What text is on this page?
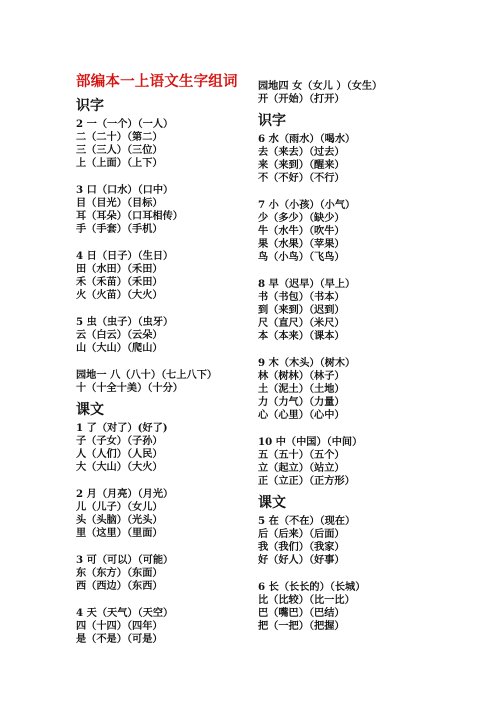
部编本一上语文生字组词
识字
2 一（一个）（一人）
二（二十）（第二）
三（三人）（三位）
上（上面）（上下）
3 口（口水）（口中）
目（目光）（目标）
耳（耳朵）（口耳相传）
手（手套）（手机）
4 日（日子）（生日）
田（水田）（禾田）
禾（禾苗）（禾田）
火（火苗）（大火）
5 虫（虫子）（虫牙）
云（白云）（云朵）
山（大山）（爬山）
园地一 八（八十）（七上八下）
十（十全十美）（十分）
课文
1 了（对了）(好了)
子（子女）（子孙）
人（人们）（人民）
大（大山）（大火）
2 月（月亮）（月光）
儿（儿子）（女儿）
头（头脑）（光头）
里（这里）（里面）
3 可（可以）（可能）
东（东方）（东面）
西（西边）（东西）
4 天（天气）（天空）
四（十四）（四年）
是（不是）（可是）
园地四 女（女儿 ）（女生）
开（开始）（打开）
识字
6 水（雨水）（喝水）
去（来去）（过去）
来（来到）（醒来）
不（不好）（不行）
7 小（小孩）（小气）
少（多少）（缺少）
牛（水牛）（吹牛）
果（水果）（苹果）
鸟（小鸟）（飞鸟）
8 早（迟早）（早上）
书（书包）（书本）
到（来到）（迟到）
尺（直尺）（米尺）
本（本来）（课本）
9 木（木头）（树木）
林（树林）（林子）
土（泥土）（土地）
力（力气）（力量）
心（心里）（心中）
10 中（中国）（中间）
五（五十）（五个）
立（起立）（站立）
正（立正）（正方形）
课文
5 在（不在）（现在）
后（后来）（后面）
我（我们）（我家）
好（好人）（好事）
6 长（长长的）（长城）
比（比较）（比一比）
巴（嘴巴）（巴结）
把（一把）（把握）
